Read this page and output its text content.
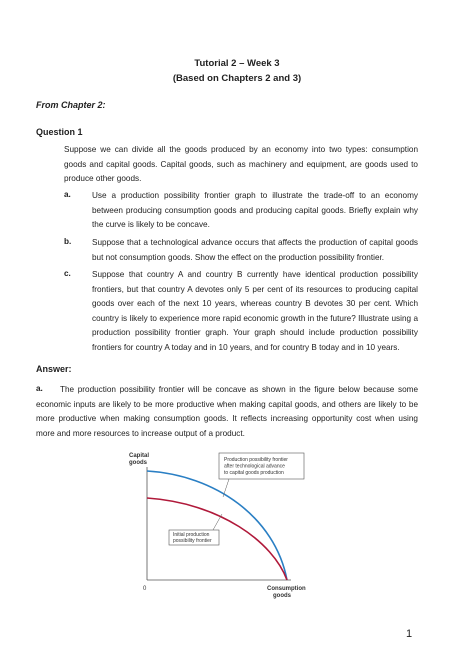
Tutorial 2 – Week 3
(Based on Chapters 2 and 3)
From Chapter 2:
Question 1
Suppose we can divide all the goods produced by an economy into two types: consumption goods and capital goods. Capital goods, such as machinery and equipment, are goods used to produce other goods.
a.	Use a production possibility frontier graph to illustrate the trade-off to an economy between producing consumption goods and producing capital goods. Briefly explain why the curve is likely to be concave.
b.	Suppose that a technological advance occurs that affects the production of capital goods but not consumption goods. Show the effect on the production possibility frontier.
c.	Suppose that country A and country B currently have identical production possibility frontiers, but that country A devotes only 5 per cent of its resources to producing capital goods over each of the next 10 years, whereas country B devotes 30 per cent. Which country is likely to experience more rapid economic growth in the future? Illustrate using a production possibility frontier graph. Your graph should include production possibility frontiers for country A today and in 10 years, and for country B today and in 10 years.
Answer:
a.	The production possibility frontier will be concave as shown in the figure below because some economic inputs are likely to be more productive when making capital goods, and others are likely to be more productive when making consumption goods. It reflects increasing opportunity cost when using more and more resources to increase output of a product.
Capital
goods
0	Consumption
goods
Production possibility frontier after technological advance to capital goods production
Initial production possibility frontier
1
